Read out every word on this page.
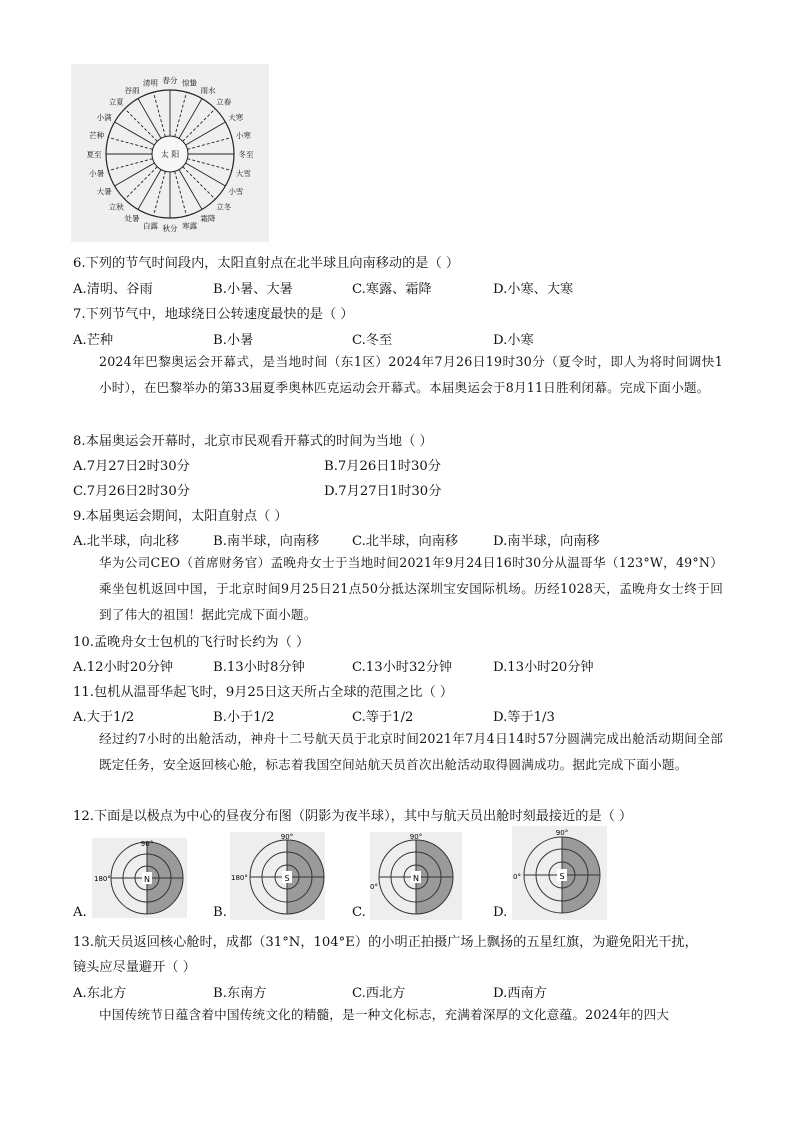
春分 惊蛰
雨水
立春
大寒
小寒
冬至
大雪
小雪
立冬
霜降
寒露
秋分
白露
处暑
立秋
大暑
小暑
夏至
芒种
小满
立夏
谷雨
清明
太 阳
6.下列的节气时间段内，太阳直射点在北半球且向南移动的是（ ）
A.清明、谷雨	B.小暑、大暑	C.寒露、霜降	D.小寒、大寒
7.下列节气中，地球绕日公转速度最快的是（ ）
A.芒种	B.小暑	C.冬至	D.小寒
2024年巴黎奥运会开幕式，是当地时间（东1区）2024年7月26日19时30分（夏令时，即人为将时间调快1小时），在巴黎举办的第33届夏季奥林匹克运动会开幕式。本届奥运会于8月11日胜利闭幕。完成下面小题。
8.本届奥运会开幕时，北京市民观看开幕式的时间为当地（ ）
A.7月27日2时30分	B.7月26日1时30分
C.7月26日2时30分	D.7月27日1时30分
9.本届奥运会期间，太阳直射点（ ）
A.北半球，向北移	B.南半球，向南移 C.北半球，向南移	D.南半球，向南移
华为公司CEO（首席财务官）孟晚舟女士于当地时间2021年9月24日16时30分从温哥华（123°W，49°N）乘坐包机返回中国，于北京时间9月25日21点50分抵达深圳宝安国际机场。历经1028天，孟晚舟女士终于回到了伟大的祖国！据此完成下面小题。
10.孟晚舟女士包机的飞行时长约为（ ）
A.12小时20分钟	B.13小时8分钟	C.13小时32分钟	D.13小时20分钟
11.包机从温哥华起飞时，9月25日这天所占全球的范围之比（ ）
A.大于1/2	B.小于1/2	C.等于1/2	D.等于1/3
经过约7小时的出舱活动，神舟十二号航天员于北京时间2021年7月4日14时57分圆满完成出舱活动期间全部既定任务，安全返回核心舱，标志着我国空间站航天员首次出舱活动取得圆满成功。据此完成下面小题。
12.下面是以极点为中心的昼夜分布图（阴影为夜半球），其中与航天员出舱时刻最接近的是（ ）
N
90°
180°
A.
S
90°
180°
B.
N
90°
0°
C.
S
90°
0°
D.
13.航天员返回核心舱时，成都（31°N，104°E）的小明正拍摄广场上飘扬的五星红旗，为避免阳光干扰，
镜头应尽量避开（ ）
A.东北方	B.东南方	C.西北方	D.西南方
中国传统节日蕴含着中国传统文化的精髓，是一种文化标志，充满着深厚的文化意蕴。2024年的四大
